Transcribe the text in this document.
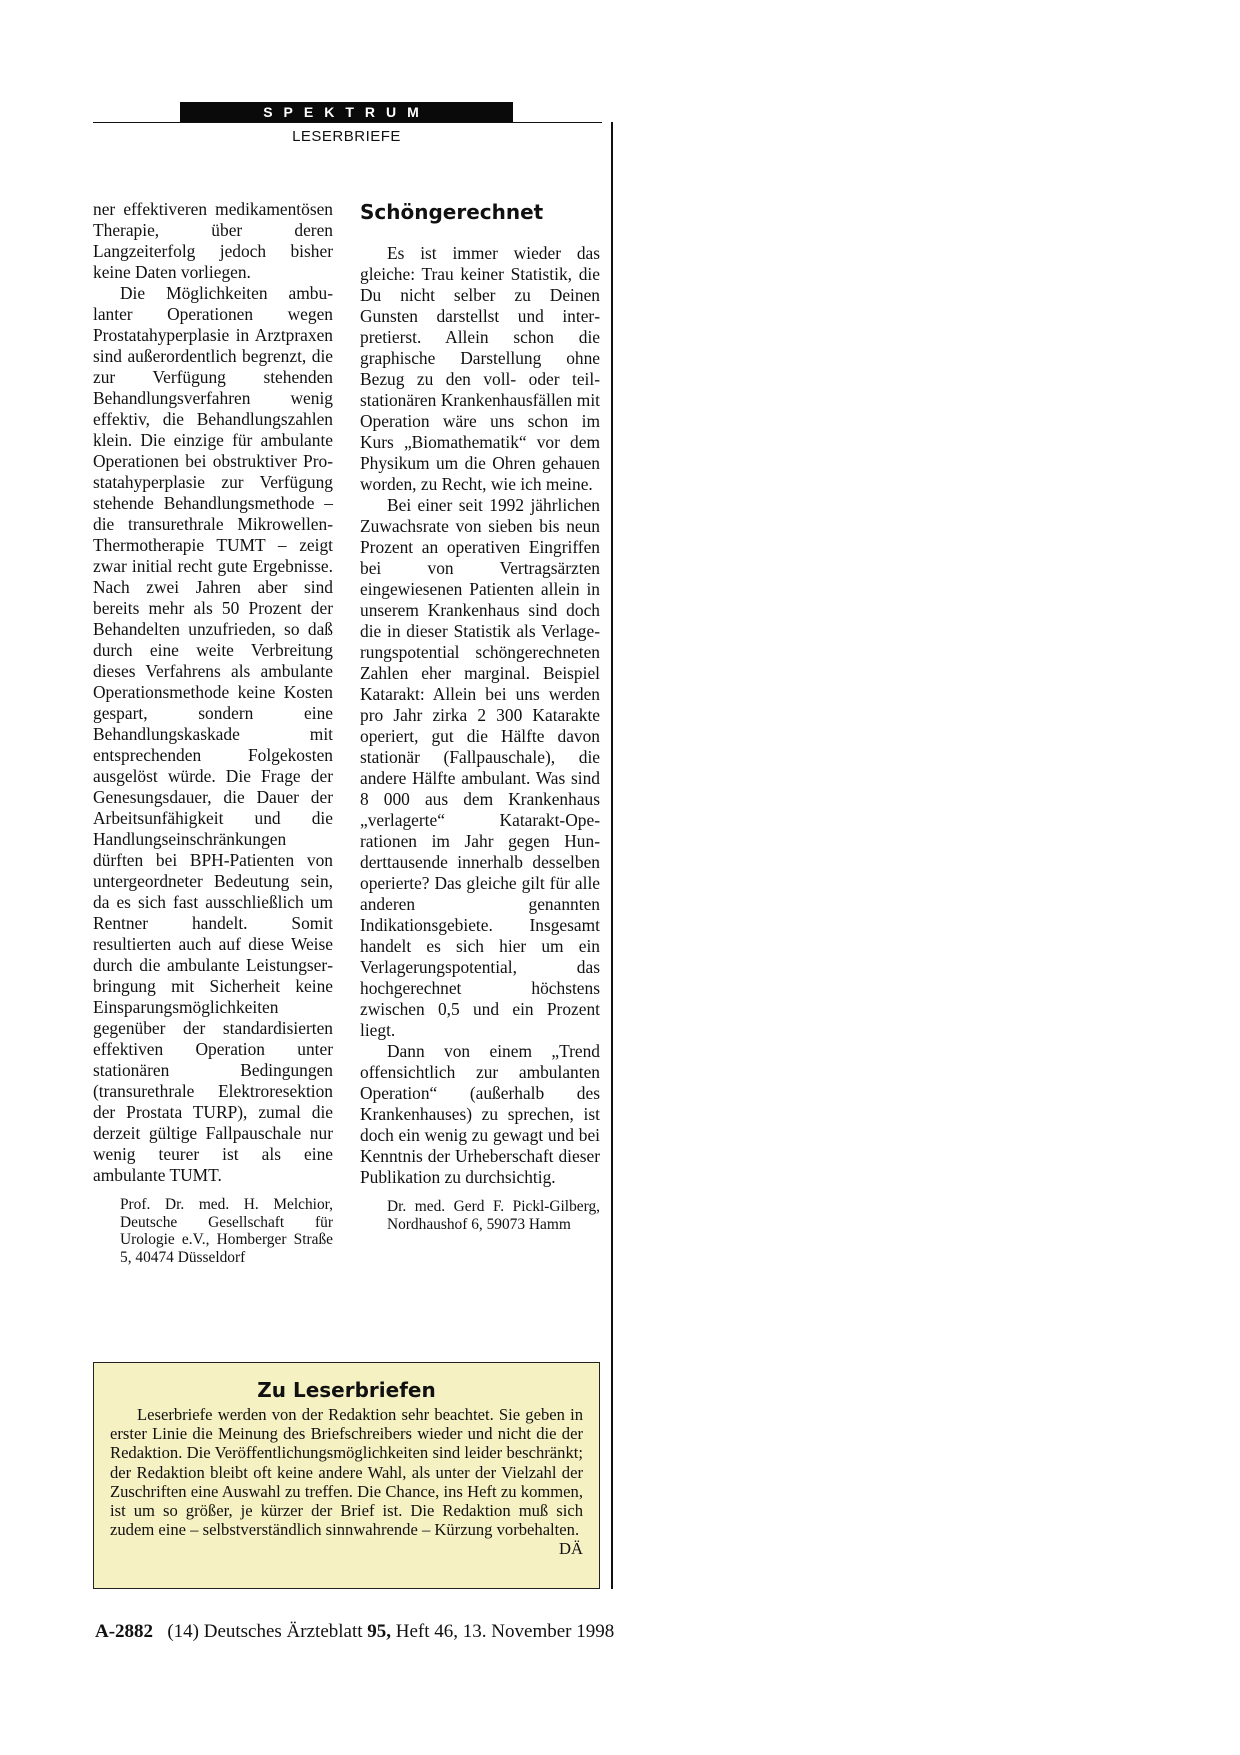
SPEKTRUM
LESERBRIEFE

ner effektiveren medikamentösen Therapie, über deren Langzeiterfolg jedoch bisher keine Daten vorliegen.

Die Möglichkeiten ambulanter Operationen wegen Prostatahyperplasie in Arztpraxen sind außerordentlich begrenzt, die zur Verfügung stehenden Behandlungsverfahren wenig effektiv, die Behandlungszahlen klein. Die einzige für ambulante Operationen bei obstruktiver Prostatahyperplasie zur Verfügung stehende Behandlungsmethode – die transurethrale Mikrowellen-Thermotherapie TUMT – zeigt zwar initial recht gute Ergebnisse. Nach zwei Jahren aber sind bereits mehr als 50 Prozent der Behandelten unzufrieden, so daß durch eine weite Verbreitung dieses Verfahrens als ambulante Operationsmethode keine Kosten gespart, sondern eine Behandlungskaskade mit entsprechenden Folgekosten ausgelöst würde. Die Frage der Genesungsdauer, die Dauer der Arbeitsunfähigkeit und die Handlungseinschränkungen dürften bei BPH-Patienten von untergeordneter Bedeutung sein, da es sich fast ausschließlich um Rentner handelt. Somit resultierten auch auf diese Weise durch die ambulante Leistungserbringung mit Sicherheit keine Einsparungsmöglichkeiten gegenüber der standardisierten effektiven Operation unter stationären Bedingungen (transurethrale Elektroresektion der Prostata TURP), zumal die derzeit gültige Fallpauschale nur wenig teurer ist als eine ambulante TUMT.

Prof. Dr. med. H. Melchior, Deutsche Gesellschaft für Urologie e.V., Homberger Straße 5, 40474 Düsseldorf
Schöngerechnet

Es ist immer wieder das gleiche: Trau keiner Statistik, die Du nicht selber zu Deinen Gunsten darstellst und interpretierst. Allein schon die graphische Darstellung ohne Bezug zu den voll- oder teilstationären Krankenhausfällen mit Operation wäre uns schon im Kurs „Biomathematik“ vor dem Physikum um die Ohren gehauen worden, zu Recht, wie ich meine.

Bei einer seit 1992 jährlichen Zuwachsrate von sieben bis neun Prozent an operativen Eingriffen bei von Vertragsärzten eingewiesenen Patienten allein in unserem Krankenhaus sind doch die in dieser Statistik als Verlagerungspotential schöngerechneten Zahlen eher marginal. Beispiel Katarakt: Allein bei uns werden pro Jahr zirka 2 300 Katarakte operiert, gut die Hälfte davon stationär (Fallpauschale), die andere Hälfte ambulant. Was sind 8 000 aus dem Krankenhaus „verlagerte“ Katarakt-Operationen im Jahr gegen Hunderttausende innerhalb desselben operierte? Das gleiche gilt für alle anderen genannten Indikationsgebiete. Insgesamt handelt es sich hier um ein Verlagerungspotential, das hochgerechnet höchstens zwischen 0,5 und ein Prozent liegt.

Dann von einem „Trend offensichtlich zur ambulanten Operation“ (außerhalb des Krankenhauses) zu sprechen, ist doch ein wenig zu gewagt und bei Kenntnis der Urheberschaft dieser Publikation zu durchsichtig.

Dr. med. Gerd F. Pickl-Gilberg, Nordhaushof 6, 59073 Hamm
Zu Leserbriefen
Leserbriefe werden von der Redaktion sehr beachtet. Sie geben in erster Linie die Meinung des Briefschreibers wieder und nicht die der Redaktion. Die Veröffentlichungsmöglichkeiten sind leider beschränkt; der Redaktion bleibt oft keine andere Wahl, als unter der Vielzahl der Zuschriften eine Auswahl zu treffen. Die Chance, ins Heft zu kommen, ist um so größer, je kürzer der Brief ist. Die Redaktion muß sich zudem eine – selbstverständlich sinnwahrende – Kürzung vorbehalten.
DÄ
A-2882 (14) Deutsches Ärzteblatt 95, Heft 46, 13. November 1998
